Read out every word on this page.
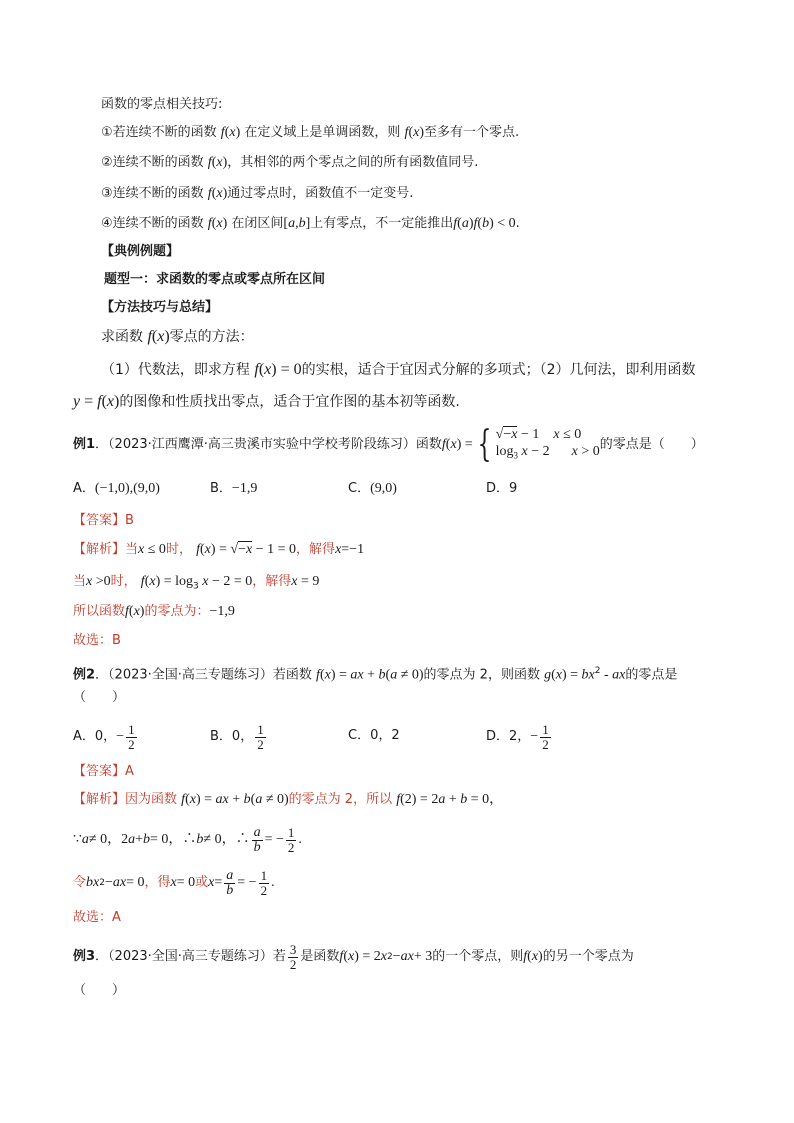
函数的零点相关技巧:
①若连续不断的函数 f(x) 在定义域上是单调函数，则 f(x)至多有一个零点.
②连续不断的函数 f(x)，其相邻的两个零点之间的所有函数值同号.
③连续不断的函数 f(x)通过零点时，函数值不一定变号.
④连续不断的函数 f(x) 在闭区间[a,b]上有零点，不一定能推出f(a)f(b) < 0.
【典例例题】
题型一：求函数的零点或零点所在区间
【方法技巧与总结】
求函数 f(x)零点的方法：
（1）代数法，即求方程 f(x) = 0的实根，适合于宜因式分解的多项式；（2）几何法，即利用函数
y = f(x)的图像和性质找出零点，适合于宜作图的基本初等函数.
例1 ．（2023·江西鹰潭·高三贵溪市实验中学校考阶段练习）函数 f ( x ) = { √−x − 1 x ≤ 0
$\log_3 x - 2$ x > 0 的零点是（　　）
A．(−1,0),(9,0)	B．−1,9	C．(9,0)	D．9
【答案】B
【解析】当x ≤ 0时， f(x) = √−x − 1 = 0，解得x=−1
当x >0时， $f(x) = \log_3 x - 2 = 0$，解得x = 9
所以函数f(x)的零点为：−1,9
故选：B
例2．（2023·全国·高三专题练习）若函数 f(x) = ax + b(a ≠ 0)的零点为 2，则函数 $g(x) = bx^2$ - ax的零点是
（　　）
A．0， − $\frac{1}{2}$	B．0， $\frac{1}{2}$	C．0，2	D．2， − $\frac{1}{2}$
【答案】A
【解析】因为函数 f(x) = ax + b(a ≠ 0)的零点为 2，所以 f(2) = 2a + b = 0，
∵ a ≠ 0，2 a + b = 0，∴ b ≠ 0，∴ $\frac{a}{b}$ = − $\frac{1}{2}$ .
令 bx 2 − ax = 0 ，得 x = 0 或 $x = \frac{a}{b}$ = − $\frac{1}{2}$ .
故选：A
例3 ．（2023·全国·高三专题练习）若 $\frac{3}{2}$ 是函数 f ( x ) = 2 x 2 − ax + 3 的一个零点，则 f ( x ) 的另一个零点为
（　　）
